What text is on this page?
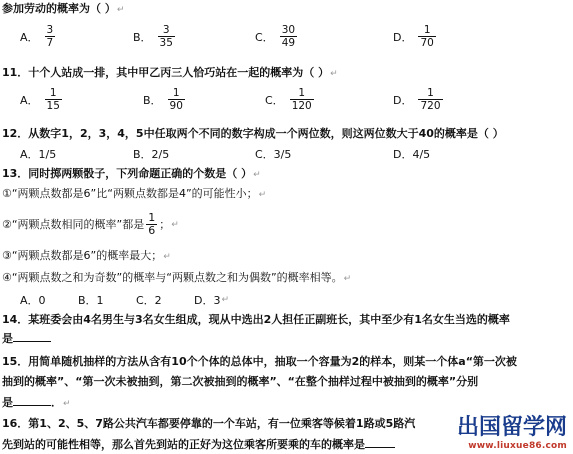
参加劳动的概率为（ ）↵
A． $\frac{3}{7}$	B． $\frac{3}{35}$	C． $\frac{30}{49}$	D． $\frac{1}{70}$
11．十个人站成一排，其中甲乙丙三人恰巧站在一起的概率为（ ）↵
A． $\frac{1}{15}$	B． $\frac{1}{90}$	C． $\frac{1}{120}$	D． $\frac{1}{720}$
12．从数字1，2，3，4，5中任取两个不同的数字构成一个两位数，则这两位数大于40的概率是（ ）
A．1/5	B．2/5	C．3/5	D．4/5
13．同时掷两颗骰子，下列命题正确的个数是（ ）↵
①“两颗点数都是6”比“两颗点数都是4”的可能性小；↵
②“两颗点数相同的概率”都是 $\frac{1}{6}$ ； ↵
③“两颗点数都是6”的概率最大；↵
④“两颗点数之和为奇数”的概率与“两颗点数之和为偶数”的概率相等。↵
A．0	B．1	C．2	D．3 ↵
14．某班委会由4名男生与3名女生组成，现从中选出2人担任正副班长，其中至少有1名女生当选的概率
是
15．用简单随机抽样的方法从含有10个个体的总体中，抽取一个容量为2的样本，则某一个体a“第一次被
抽到的概率”、“第一次未被抽到，第二次被抽到的概率”、“在整个抽样过程中被抽到的概率”分别
是	．↵
16．第1、2、5、7路公共汽车都要停靠的一个车站，有一位乘客等候着1路或5路汽
先到站的可能性相等，那么首先到站的正好为这位乘客所要乘的车的概率是
出国留学网
www.liuxue86.com
